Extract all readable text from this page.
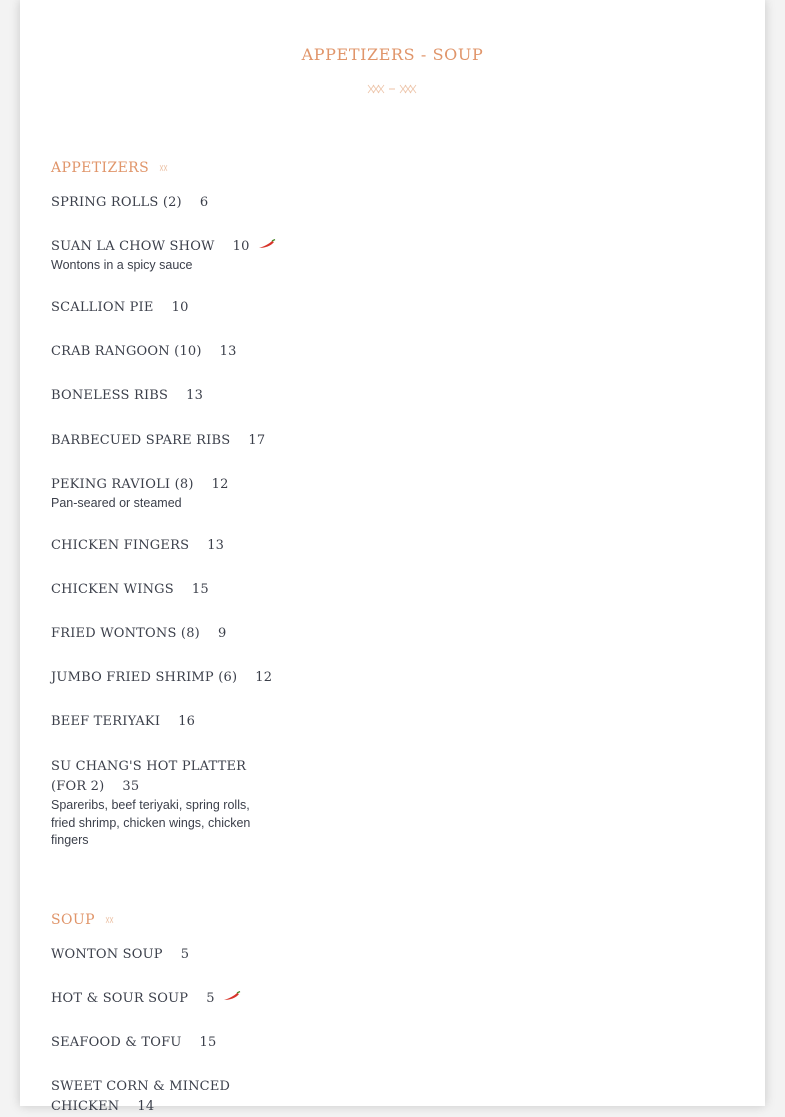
APPETIZERS - SOUP
APPETIZERS
SPRING ROLLS (2) 6
SUAN LA CHOW SHOW 10
Wontons in a spicy sauce
SCALLION PIE 10
CRAB RANGOON (10) 13
BONELESS RIBS 13
BARBECUED SPARE RIBS 17
PEKING RAVIOLI (8) 12
Pan-seared or steamed
CHICKEN FINGERS 13
CHICKEN WINGS 15
FRIED WONTONS (8) 9
JUMBO FRIED SHRIMP (6) 12
BEEF TERIYAKI 16
SU CHANG'S HOT PLATTER (FOR 2) 35
Spareribs, beef teriyaki, spring rolls, fried shrimp, chicken wings, chicken fingers
SOUP
WONTON SOUP 5
HOT & SOUR SOUP 5
SEAFOOD & TOFU 15
SWEET CORN & MINCED CHICKEN 14
